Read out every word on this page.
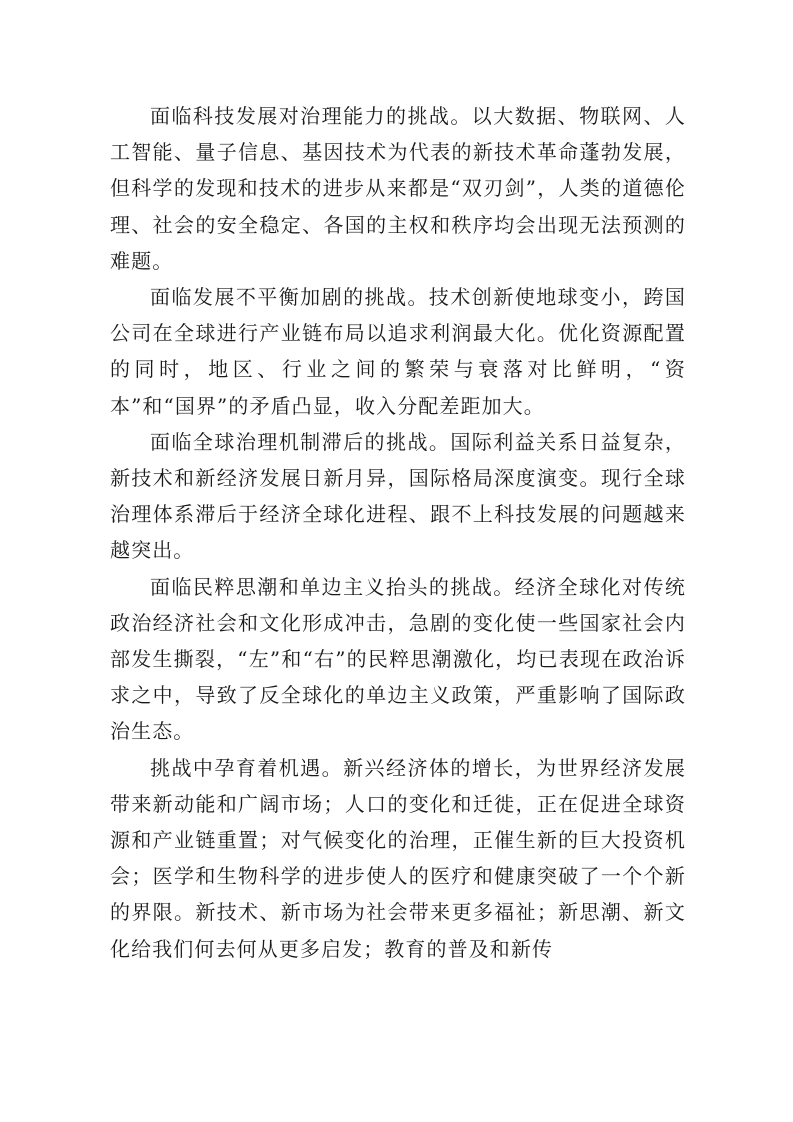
面临科技发展对治理能力的挑战。以大数据、物联网、人工智能、量子信息、基因技术为代表的新技术革命蓬勃发展，但科学的发现和技术的进步从来都是“双刃剑”，人类的道德伦理、社会的安全稳定、各国的主权和秩序均会出现无法预测的难题。

面临发展不平衡加剧的挑战。技术创新使地球变小，跨国公司在全球进行产业链布局以追求利润最大化。优化资源配置的同时，地区、行业之间的繁荣与衰落对比鲜明，“资本”和“国界”的矛盾凸显，收入分配差距加大。

面临全球治理机制滞后的挑战。国际利益关系日益复杂，新技术和新经济发展日新月异，国际格局深度演变。现行全球治理体系滞后于经济全球化进程、跟不上科技发展的问题越来越突出。

面临民粹思潮和单边主义抬头的挑战。经济全球化对传统政治经济社会和文化形成冲击，急剧的变化使一些国家社会内部发生撕裂，“左”和“右”的民粹思潮激化，均已表现在政治诉求之中，导致了反全球化的单边主义政策，严重影响了国际政治生态。

挑战中孕育着机遇。新兴经济体的增长，为世界经济发展带来新动能和广阔市场；人口的变化和迁徙，正在促进全球资源和产业链重置；对气候变化的治理，正催生新的巨大投资机会；医学和生物科学的进步使人的医疗和健康突破了一个个新的界限。新技术、新市场为社会带来更多福祉；新思潮、新文化给我们何去何从更多启发；教育的普及和新传
